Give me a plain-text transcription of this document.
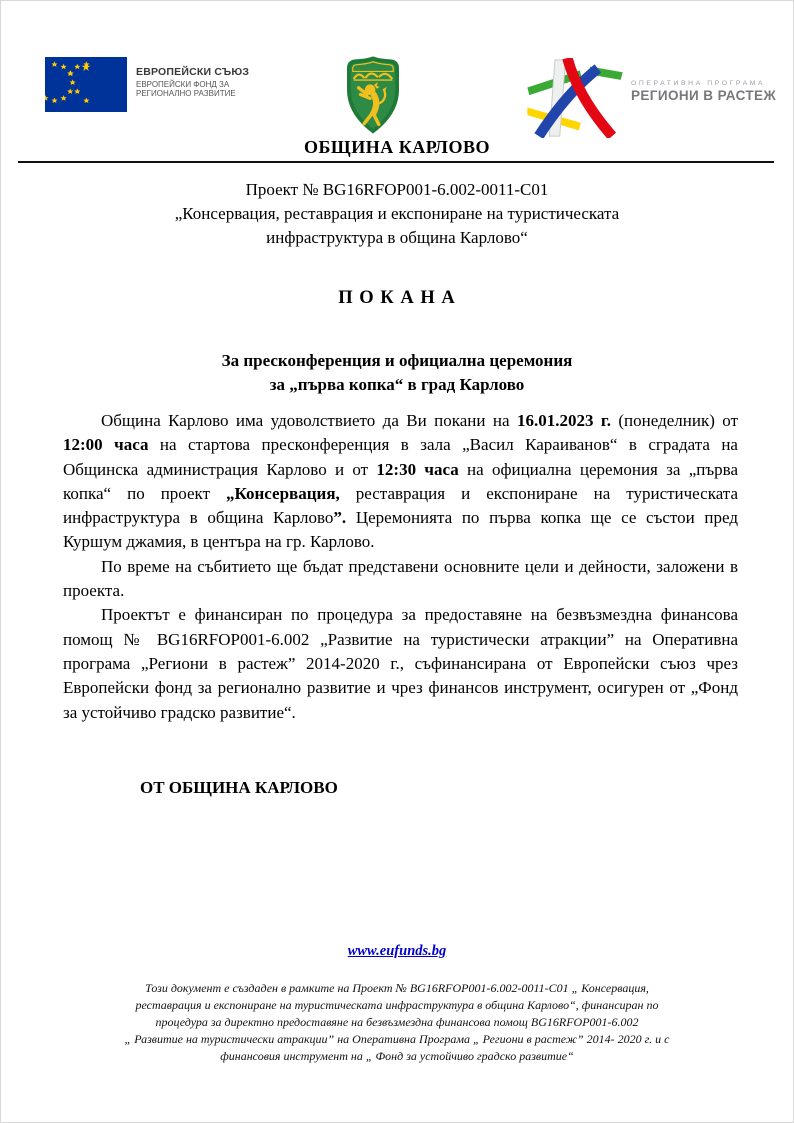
ЕВРОПЕЙСКИ СЪЮЗ
ЕВРОПЕЙСКИ ФОНД ЗА
РЕГИОНАЛНО РАЗВИТИЕ
ОПЕРАТИВНА ПРОГРАМА
РЕГИОНИ В РАСТЕЖ
ОБЩИНА КАРЛОВО
Проект № BG16RFOP001-6.002-0011-C01
„Консервация, реставрация и експониране на туристическата
инфраструктура в община Карлово“
П О К А Н А
За пресконференция и официална церемония
за „първа копка“ в град Карлово

Община Карлово има удоволствието да Ви покани на 16.01.2023 г. (понеделник) от 12:00 часа на стартова пресконференция в зала „Васил Караиванов“ в сградата на Общинска администрация Карлово и от 12:30 часа на официална церемония за „първа копка“ по проект „Консервация, реставрация и експониране на туристическата инфраструктура в община Карлово”. Церемонията по първа копка ще се състои пред Куршум джамия, в центъра на гр. Карлово.

По време на събитието ще бъдат представени основните цели и дейности, заложени в проекта.

Проектът е финансиран по процедура за предоставяне на безвъзмездна финансова помощ № BG16RFOP001-6.002 „Развитие на туристически атракции” на Оперативна програма „Региони в растеж” 2014-2020 г., съфинансирана от Европейски съюз чрез Европейски фонд за регионално развитие и чрез финансов инструмент, осигурен от „Фонд за устойчиво градско развитие“.

ОТ ОБЩИНА КАРЛОВО
www.eufunds.bg
Този документ е създаден в рамките на Проект № BG16RFOP001-6.002-0011-C01 „ Консервация,
реставрация и експониране на туристическата инфраструктура в община Карлово“, финансиран по
процедура за директно предоставяне на безвъзмездна финансова помощ BG16RFOP001-6.002
„ Развитие на туристически атракции” на Оперативна Програма „ Региони в растеж” 2014- 2020 г. и с
финансовия инструмент на „ Фонд за устойчиво градско развитие“
